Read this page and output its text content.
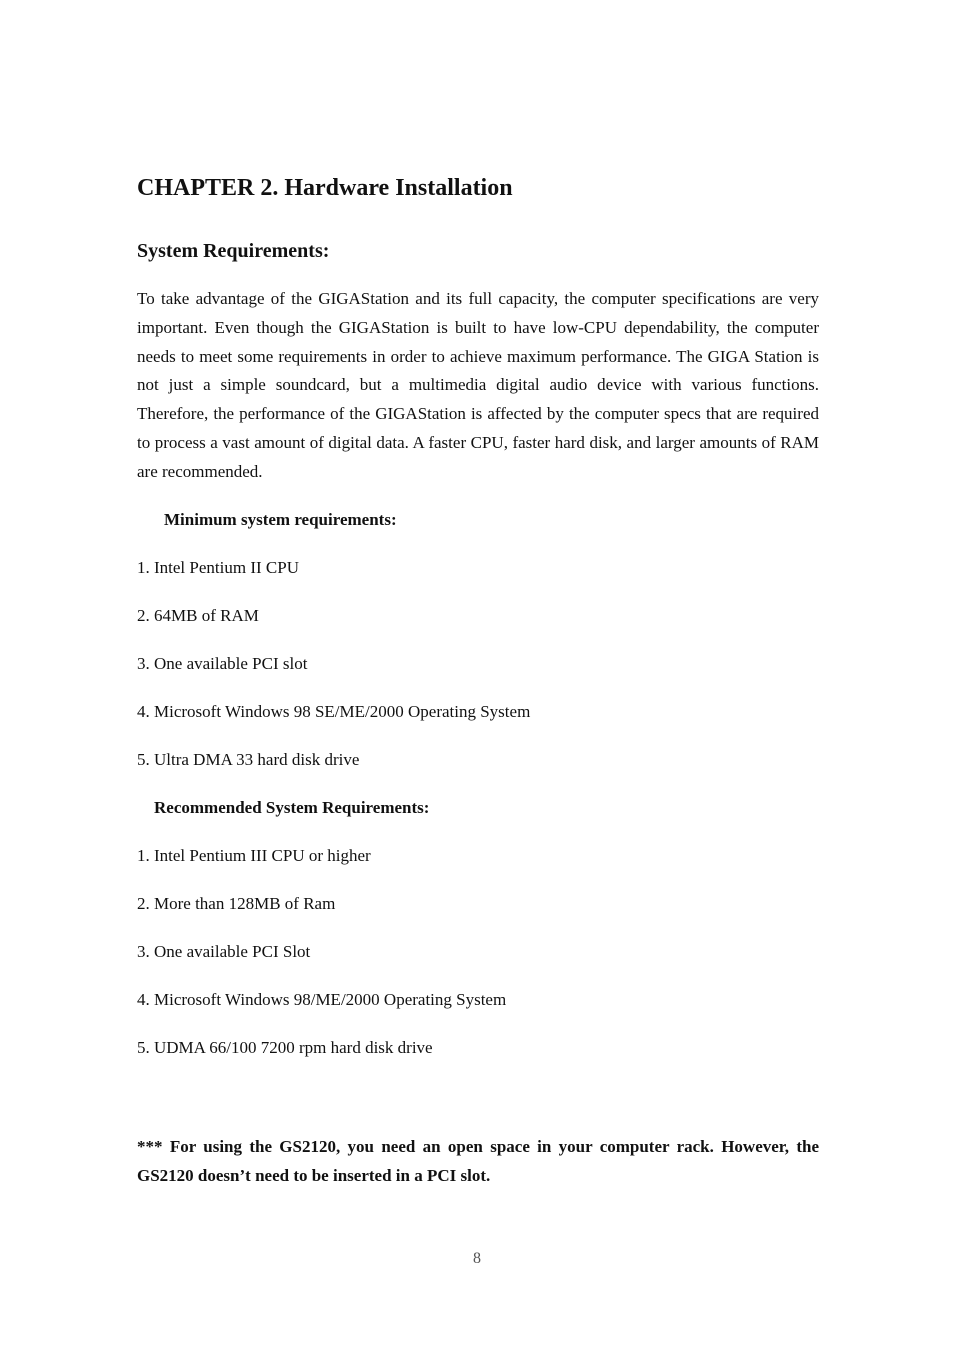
CHAPTER 2. Hardware Installation
System Requirements:

To take advantage of the GIGAStation and its full capacity, the computer specifications are very important. Even though the GIGAStation is built to have low-CPU dependability, the computer needs to meet some requirements in order to achieve maximum performance. The GIGA Station is not just a simple soundcard, but a multimedia digital audio device with various functions. Therefore, the performance of the GIGAStation is affected by the computer specs that are required to process a vast amount of digital data. A faster CPU, faster hard disk, and larger amounts of RAM are recommended.

Minimum system requirements:

1. Intel Pentium II CPU
2. 64MB of RAM
3. One available PCI slot
4. Microsoft Windows 98 SE/ME/2000 Operating System
5. Ultra DMA 33 hard disk drive

Recommended System Requirements:

1. Intel Pentium III CPU or higher
2. More than 128MB of Ram
3. One available PCI Slot
4. Microsoft Windows 98/ME/2000 Operating System
5. UDMA 66/100 7200 rpm hard disk drive

*** For using the GS2120, you need an open space in your computer rack. However, the GS2120 doesn’t need to be inserted in a PCI slot.

8
